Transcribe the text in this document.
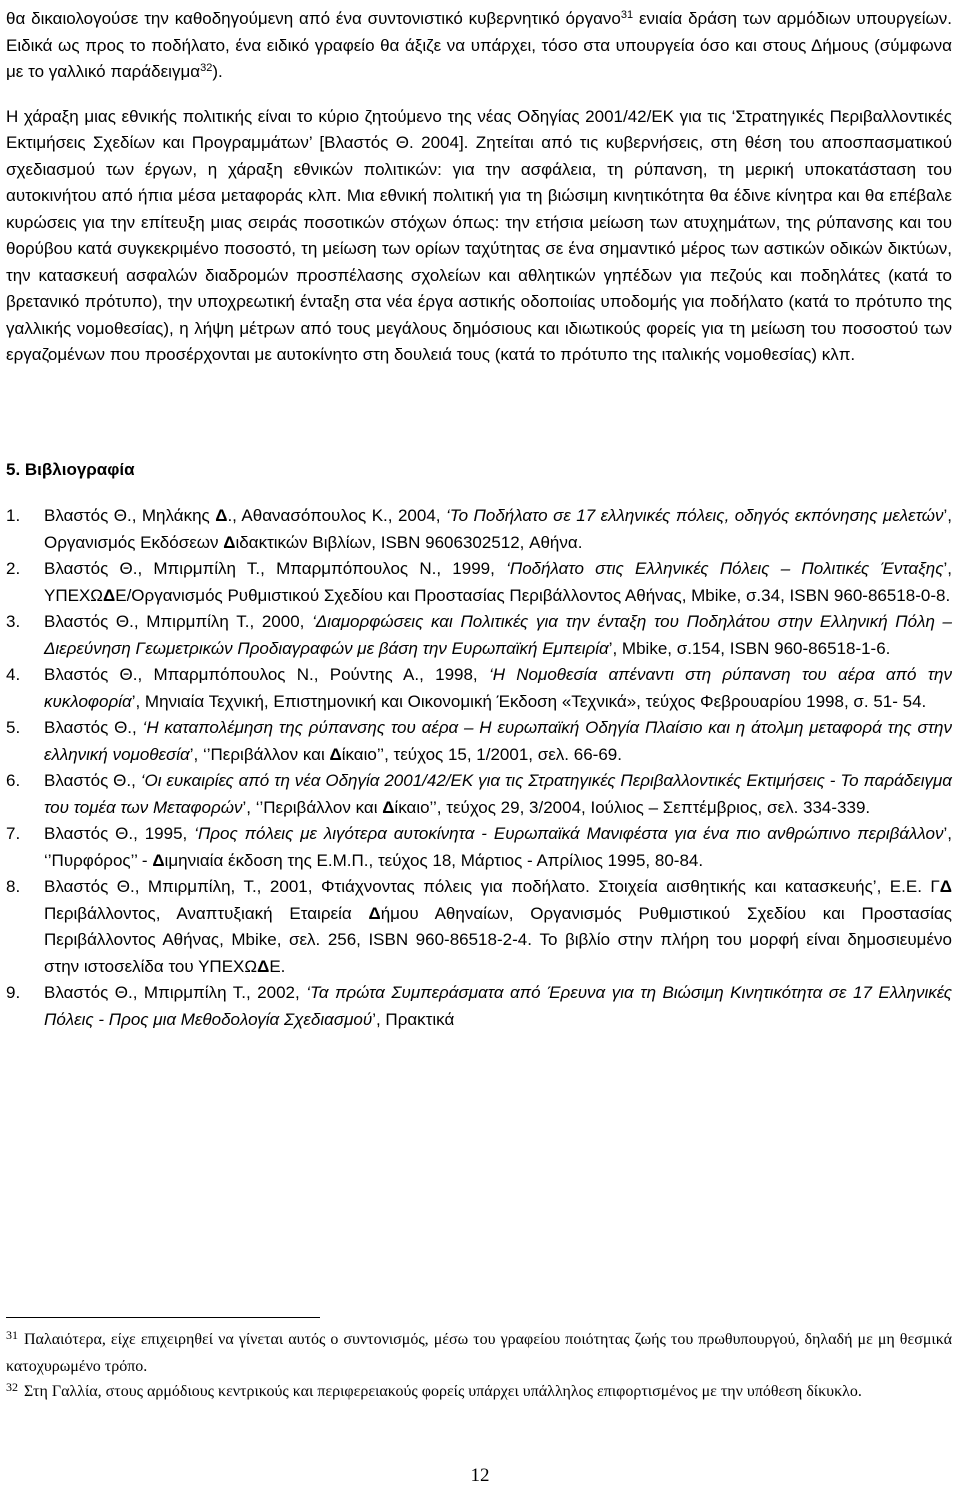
θα δικαιολογούσε την καθοδηγούμενη από ένα συντονιστικό κυβερνητικό όργανο$^{31}$ ενιαία δράση των αρμόδιων υπουργείων. Ειδικά ως προς το ποδήλατο, ένα ειδικό γραφείο θα άξιζε να υπάρχει, τόσο στα υπουργεία όσο και στους Δήμους (σύμφωνα με το γαλλικό παράδειγμα$^{32}$).

Η χάραξη μιας εθνικής πολιτικής είναι το κύριο ζητούμενο της νέας Οδηγίας 2001/42/ΕΚ για τις ‘Στρατηγικές Περιβαλλοντικές Εκτιμήσεις Σχεδίων και Προγραμμάτων’ [Βλαστός Θ. 2004]. Ζητείται από τις κυβερνήσεις, στη θέση του αποσπασματικού σχεδιασμού των έργων, η χάραξη εθνικών πολιτικών: για την ασφάλεια, τη ρύπανση, τη μερική υποκατάσταση του αυτοκινήτου από ήπια μέσα μεταφοράς κλπ. Μια εθνική πολιτική για τη βιώσιμη κινητικότητα θα έδινε κίνητρα και θα επέβαλε κυρώσεις για την επίτευξη μιας σειράς ποσοτικών στόχων όπως: την ετήσια μείωση των ατυχημάτων, της ρύπανσης και του θορύβου κατά συγκεκριμένο ποσοστό, τη μείωση των ορίων ταχύτητας σε ένα σημαντικό μέρος των αστικών οδικών δικτύων, την κατασκευή ασφαλών διαδρομών προσπέλασης σχολείων και αθλητικών γηπέδων για πεζούς και ποδηλάτες (κατά το βρετανικό πρότυπο), την υποχρεωτική ένταξη στα νέα έργα αστικής οδοποιίας υποδομής για ποδήλατο (κατά το πρότυπο της γαλλικής νομοθεσίας), η λήψη μέτρων από τους μεγάλους δημόσιους και ιδιωτικούς φορείς για τη μείωση του ποσοστού των εργαζομένων που προσέρχονται με αυτοκίνητο στη δουλειά τους (κατά το πρότυπο της ιταλικής νομοθεσίας) κλπ.

5. Βιβλιογραφία
1. Βλαστός Θ., Μηλάκης Δ., Αθανασόπουλος Κ., 2004, ‘Το Ποδήλατο σε 17 ελληνικές πόλεις, οδηγός εκπόνησης μελετών’, Οργανισμός Εκδόσεων Διδακτικών Βιβλίων, ISBN 9606302512, Αθήνα.
2. Βλαστός Θ., Μπιρμπίλη Τ., Μπαρμπόπουλος Ν., 1999, ‘Ποδήλατο στις Ελληνικές Πόλεις – Πολιτικές Ένταξης’, ΥΠΕΧΩΔΕ/Οργανισμός Ρυθμιστικού Σχεδίου και Προστασίας Περιβάλλοντος Αθήνας, Mbike, σ.34, ISBN 960-86518-0-8.
3. Βλαστός Θ., Μπιρμπίλη Τ., 2000, ‘Διαμορφώσεις και Πολιτικές για την ένταξη του Ποδηλάτου στην Ελληνική Πόλη – Διερεύνηση Γεωμετρικών Προδιαγραφών με βάση την Ευρωπαϊκή Εμπειρία’, Mbike, σ.154, ISBN 960-86518-1-6.
4. Βλαστός Θ., Μπαρμπόπουλος Ν., Ρούντης Α., 1998, ‘Η Νομοθεσία απέναντι στη ρύπανση του αέρα από την κυκλοφορία’, Μηνιαία Τεχνική, Επιστημονική και Οικονομική Έκδοση «Τεχνικά», τεύχος Φεβρουαρίου 1998, σ. 51- 54.
5. Βλαστός Θ., ‘Η καταπολέμηση της ρύπανσης του αέρα – Η ευρωπαϊκή Οδηγία Πλαίσιο και η άτολμη μεταφορά της στην ελληνική νομοθεσία’, ‘’Περιβάλλον και Δίκαιο’’, τεύχος 15, 1/2001, σελ. 66-69.
6. Βλαστός Θ., ‘Οι ευκαιρίες από τη νέα Οδηγία 2001/42/ΕΚ για τις Στρατηγικές Περιβαλλοντικές Εκτιμήσεις - Το παράδειγμα του τομέα των Μεταφορών’, ‘’Περιβάλλον και Δίκαιο’’, τεύχος 29, 3/2004, Ιούλιος – Σεπτέμβριος, σελ. 334-339.
7. Βλαστός Θ., 1995, ‘Προς πόλεις με λιγότερα αυτοκίνητα - Ευρωπαϊκά Μανιφέστα για ένα πιο ανθρώπινο περιβάλλον’, ‘’Πυρφόρος’’ - Διμηνιαία έκδοση της Ε.Μ.Π., τεύχος 18, Μάρτιος - Απρίλιος 1995, 80-84.
8. Βλαστός Θ., Μπιρμπίλη, Τ., 2001, Φτιάχνοντας πόλεις για ποδήλατο. Στοιχεία αισθητικής και κατασκευής’, Ε.Ε. ΓΔ Περιβάλλοντος, Αναπτυξιακή Εταιρεία Δήμου Αθηναίων, Οργανισμός Ρυθμιστικού Σχεδίου και Προστασίας Περιβάλλοντος Αθήνας, Mbike, σελ. 256, ISBN 960-86518-2-4. Το βιβλίο στην πλήρη του μορφή είναι δημοσιευμένο στην ιστοσελίδα του ΥΠΕΧΩΔΕ.
9. Βλαστός Θ., Μπιρμπίλη Τ., 2002, ‘Τα πρώτα Συμπεράσματα από Έρευνα για τη Βιώσιμη Κινητικότητα σε 17 Ελληνικές Πόλεις - Προς μια Μεθοδολογία Σχεδιασμού’, Πρακτικά

$^{31}$ Παλαιότερα, είχε επιχειρηθεί να γίνεται αυτός ο συντονισμός, μέσω του γραφείου ποιότητας ζωής του πρωθυπουργού, δηλαδή με μη θεσμικά κατοχυρωμένο τρόπο.

$^{32}$ Στη Γαλλία, στους αρμόδιους κεντρικούς και περιφερειακούς φορείς υπάρχει υπάλληλος επιφορτισμένος με την υπόθεση δίκυκλο.

12
